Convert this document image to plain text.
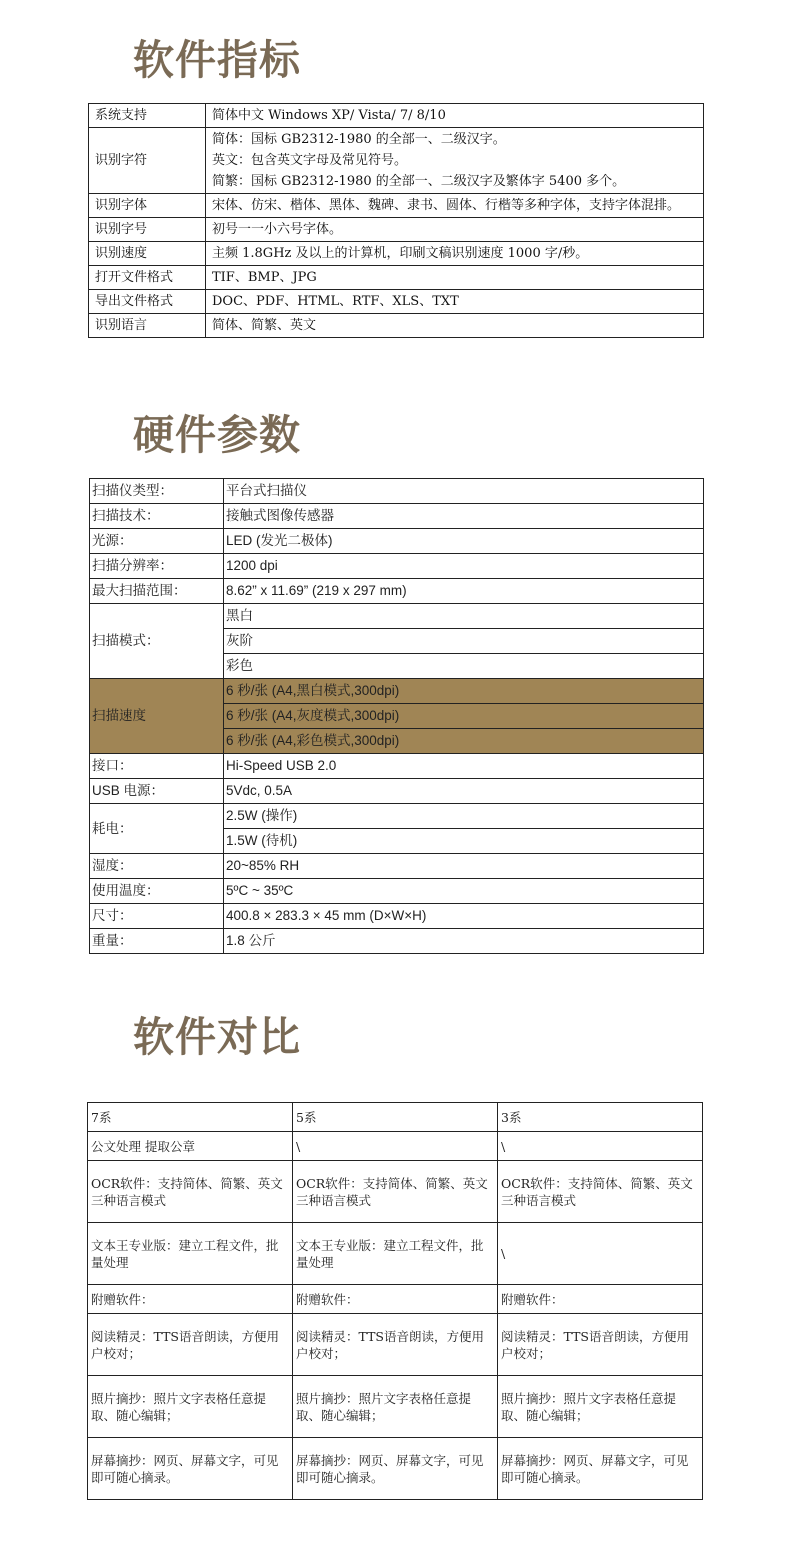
软件指标
系统支持	简体中文 Windows XP/ Vista/ 7/ 8/10

识别字符	简体：国标 GB2312-1980 的全部一、二级汉字。
英文：包含英文字母及常见符号。
简繁：国标 GB2312-1980 的全部一、二级汉字及繁体字 5400 多个。

识别字体	宋体、仿宋、楷体、黑体、魏碑、隶书、圆体、行楷等多种字体，支持字体混排。

识别字号	初号一一小六号字体。

识别速度	主频 1.8GHz 及以上的计算机，印刷文稿识别速度 1000 字/秒。

打开文件格式	TIF、BMP、JPG

导出文件格式	DOC、PDF、HTML、RTF、XLS、TXT

识别语言	简体、简繁、英文
硬件参数
扫描仪类型：	平台式扫描仪
扫描技术：	接触式图像传感器
光源：	LED (发光二极体)
扫描分辨率：	1200 dpi
最大扫描范围：	8.62” x 11.69” (219 x 297 mm)
扫描模式：	黑白
	灰阶
	彩色
扫描速度	6 秒/张 (A4,黑白模式,300dpi)
	6 秒/张 (A4,灰度模式,300dpi)
	6 秒/张 (A4,彩色模式,300dpi)
接口：	Hi-Speed USB 2.0
USB 电源：	5Vdc, 0.5A
耗电：	2.5W (操作)
	1.5W (待机)
湿度：	20~85% RH
使用温度：	5ºC ~ 35ºC
尺寸：	400.8 × 283.3 × 45 mm (D×W×H)
重量：	1.8 公斤
软件对比
7系	5系	3系
公文处理 提取公章	\	\
OCR软件：支持简体、简繁、英文三种语言模式	OCR软件：支持简体、简繁、英文三种语言模式	OCR软件：支持简体、简繁、英文三种语言模式
文本王专业版：建立工程文件，批量处理	文本王专业版：建立工程文件，批量处理	\
附赠软件：	附赠软件：	附赠软件：
阅读精灵：TTS语音朗读，方便用户校对；	阅读精灵：TTS语音朗读，方便用户校对；	阅读精灵：TTS语音朗读，方便用户校对；
照片摘抄：照片文字表格任意提取、随心编辑；	照片摘抄：照片文字表格任意提取、随心编辑；	照片摘抄：照片文字表格任意提取、随心编辑；
屏幕摘抄：网页、屏幕文字，可见即可随心摘录。	屏幕摘抄：网页、屏幕文字，可见即可随心摘录。	屏幕摘抄：网页、屏幕文字，可见即可随心摘录。
